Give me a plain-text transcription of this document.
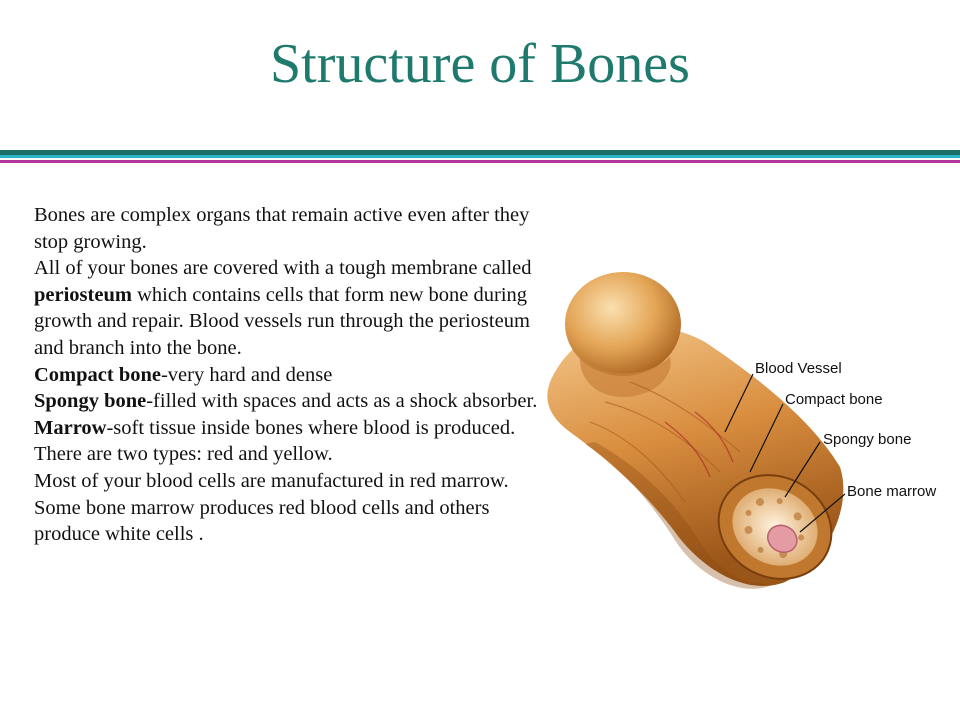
Structure of Bones

Bones are complex organs that remain active even after they stop growing.

All of your bones are covered with a tough membrane called periosteum which contains cells that form new bone during growth and repair. Blood vessels run through the periosteum and branch into the bone.

Compact bone-very hard and dense

Spongy bone-filled with spaces and acts as a shock absorber.

Marrow-soft tissue inside bones where blood is produced. There are two types: red and yellow.

Most of your blood cells are manufactured in red marrow. Some bone marrow produces red blood cells and others produce white cells .

Blood Vessel
Compact bone
Spongy bone
Bone marrow
